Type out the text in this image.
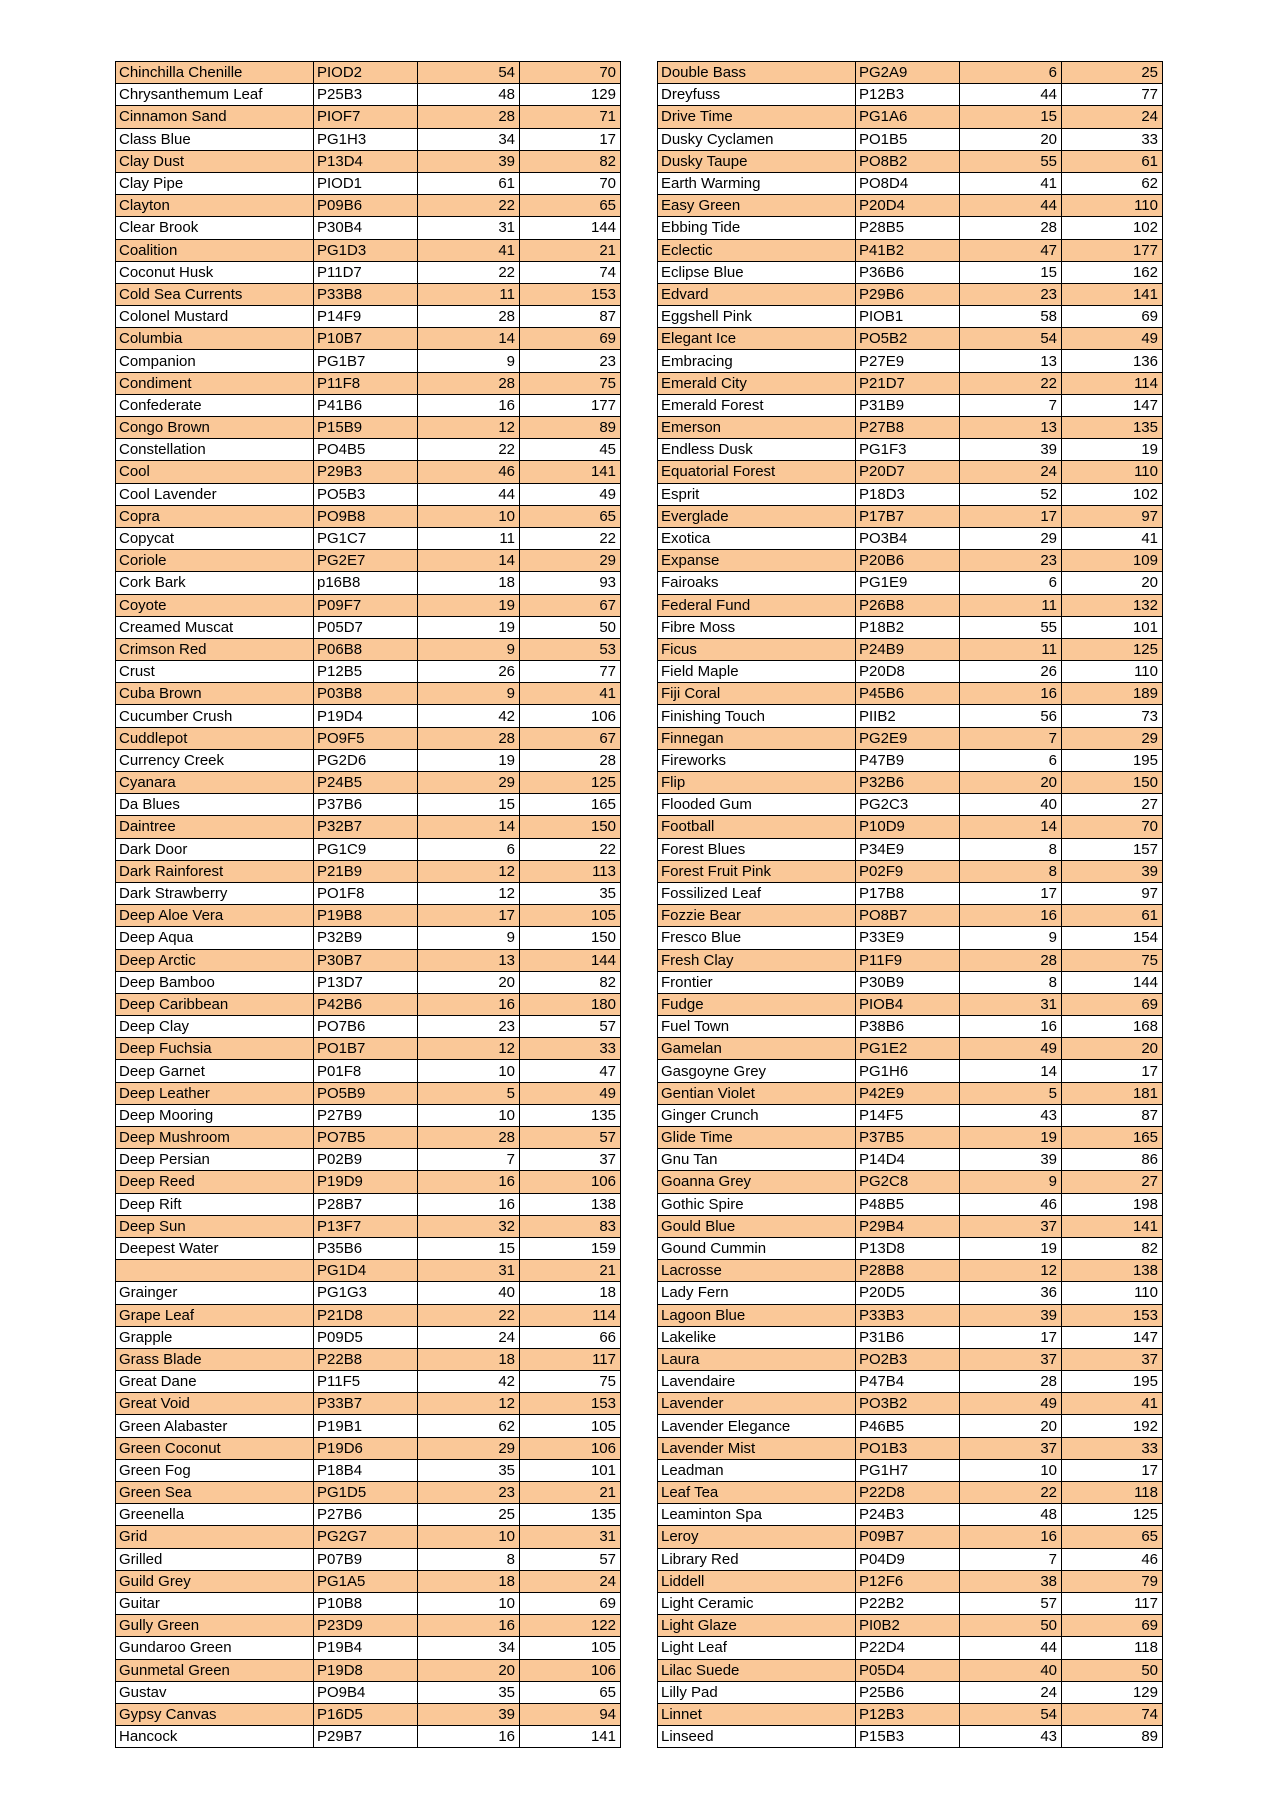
Chinchilla Chenille	PIOD2	54	70
Chrysanthemum Leaf	P25B3	48	129
Cinnamon Sand	PIOF7	28	71
Class Blue	PG1H3	34	17
Clay Dust	P13D4	39	82
Clay Pipe	PIOD1	61	70
Clayton	P09B6	22	65
Clear Brook	P30B4	31	144
Coalition	PG1D3	41	21
Coconut Husk	P11D7	22	74
Cold Sea Currents	P33B8	11	153
Colonel Mustard	P14F9	28	87
Columbia	P10B7	14	69
Companion	PG1B7	9	23
Condiment	P11F8	28	75
Confederate	P41B6	16	177
Congo Brown	P15B9	12	89
Constellation	PO4B5	22	45
Cool	P29B3	46	141
Cool Lavender	PO5B3	44	49
Copra	PO9B8	10	65
Copycat	PG1C7	11	22
Coriole	PG2E7	14	29
Cork Bark	p16B8	18	93
Coyote	P09F7	19	67
Creamed Muscat	P05D7	19	50
Crimson Red	P06B8	9	53
Crust	P12B5	26	77
Cuba Brown	P03B8	9	41
Cucumber Crush	P19D4	42	106
Cuddlepot	PO9F5	28	67
Currency Creek	PG2D6	19	28
Cyanara	P24B5	29	125
Da Blues	P37B6	15	165
Daintree	P32B7	14	150
Dark Door	PG1C9	6	22
Dark Rainforest	P21B9	12	113
Dark Strawberry	PO1F8	12	35
Deep Aloe Vera	P19B8	17	105
Deep Aqua	P32B9	9	150
Deep Arctic	P30B7	13	144
Deep Bamboo	P13D7	20	82
Deep Caribbean	P42B6	16	180
Deep Clay	PO7B6	23	57
Deep Fuchsia	PO1B7	12	33
Deep Garnet	P01F8	10	47
Deep Leather	PO5B9	5	49
Deep Mooring	P27B9	10	135
Deep Mushroom	PO7B5	28	57
Deep Persian	P02B9	7	37
Deep Reed	P19D9	16	106
Deep Rift	P28B7	16	138
Deep Sun	P13F7	32	83
Deepest Water	P35B6	15	159
	PG1D4	31	21
Grainger	PG1G3	40	18
Grape Leaf	P21D8	22	114
Grapple	P09D5	24	66
Grass Blade	P22B8	18	117
Great Dane	P11F5	42	75
Great Void	P33B7	12	153
Green Alabaster	P19B1	62	105
Green Coconut	P19D6	29	106
Green Fog	P18B4	35	101
Green Sea	PG1D5	23	21
Greenella	P27B6	25	135
Grid	PG2G7	10	31
Grilled	P07B9	8	57
Guild Grey	PG1A5	18	24
Guitar	P10B8	10	69
Gully Green	P23D9	16	122
Gundaroo Green	P19B4	34	105
Gunmetal Green	P19D8	20	106
Gustav	PO9B4	35	65
Gypsy Canvas	P16D5	39	94
Hancock	P29B7	16	141
Double Bass	PG2A9	6	25
Dreyfuss	P12B3	44	77
Drive Time	PG1A6	15	24
Dusky Cyclamen	PO1B5	20	33
Dusky Taupe	PO8B2	55	61
Earth Warming	PO8D4	41	62
Easy Green	P20D4	44	110
Ebbing Tide	P28B5	28	102
Eclectic	P41B2	47	177
Eclipse Blue	P36B6	15	162
Edvard	P29B6	23	141
Eggshell Pink	PIOB1	58	69
Elegant Ice	PO5B2	54	49
Embracing	P27E9	13	136
Emerald City	P21D7	22	114
Emerald Forest	P31B9	7	147
Emerson	P27B8	13	135
Endless Dusk	PG1F3	39	19
Equatorial Forest	P20D7	24	110
Esprit	P18D3	52	102
Everglade	P17B7	17	97
Exotica	PO3B4	29	41
Expanse	P20B6	23	109
Fairoaks	PG1E9	6	20
Federal Fund	P26B8	11	132
Fibre Moss	P18B2	55	101
Ficus	P24B9	11	125
Field Maple	P20D8	26	110
Fiji Coral	P45B6	16	189
Finishing Touch	PIIB2	56	73
Finnegan	PG2E9	7	29
Fireworks	P47B9	6	195
Flip	P32B6	20	150
Flooded Gum	PG2C3	40	27
Football	P10D9	14	70
Forest Blues	P34E9	8	157
Forest Fruit Pink	P02F9	8	39
Fossilized Leaf	P17B8	17	97
Fozzie Bear	PO8B7	16	61
Fresco Blue	P33E9	9	154
Fresh Clay	P11F9	28	75
Frontier	P30B9	8	144
Fudge	PIOB4	31	69
Fuel Town	P38B6	16	168
Gamelan	PG1E2	49	20
Gasgoyne Grey	PG1H6	14	17
Gentian Violet	P42E9	5	181
Ginger Crunch	P14F5	43	87
Glide Time	P37B5	19	165
Gnu Tan	P14D4	39	86
Goanna Grey	PG2C8	9	27
Gothic Spire	P48B5	46	198
Gould Blue	P29B4	37	141
Gound Cummin	P13D8	19	82
Lacrosse	P28B8	12	138
Lady Fern	P20D5	36	110
Lagoon Blue	P33B3	39	153
Lakelike	P31B6	17	147
Laura	PO2B3	37	37
Lavendaire	P47B4	28	195
Lavender	PO3B2	49	41
Lavender Elegance	P46B5	20	192
Lavender Mist	PO1B3	37	33
Leadman	PG1H7	10	17
Leaf Tea	P22D8	22	118
Leaminton Spa	P24B3	48	125
Leroy	P09B7	16	65
Library Red	P04D9	7	46
Liddell	P12F6	38	79
Light Ceramic	P22B2	57	117
Light Glaze	PI0B2	50	69
Light Leaf	P22D4	44	118
Lilac Suede	P05D4	40	50
Lilly Pad	P25B6	24	129
Linnet	P12B3	54	74
Linseed	P15B3	43	89
